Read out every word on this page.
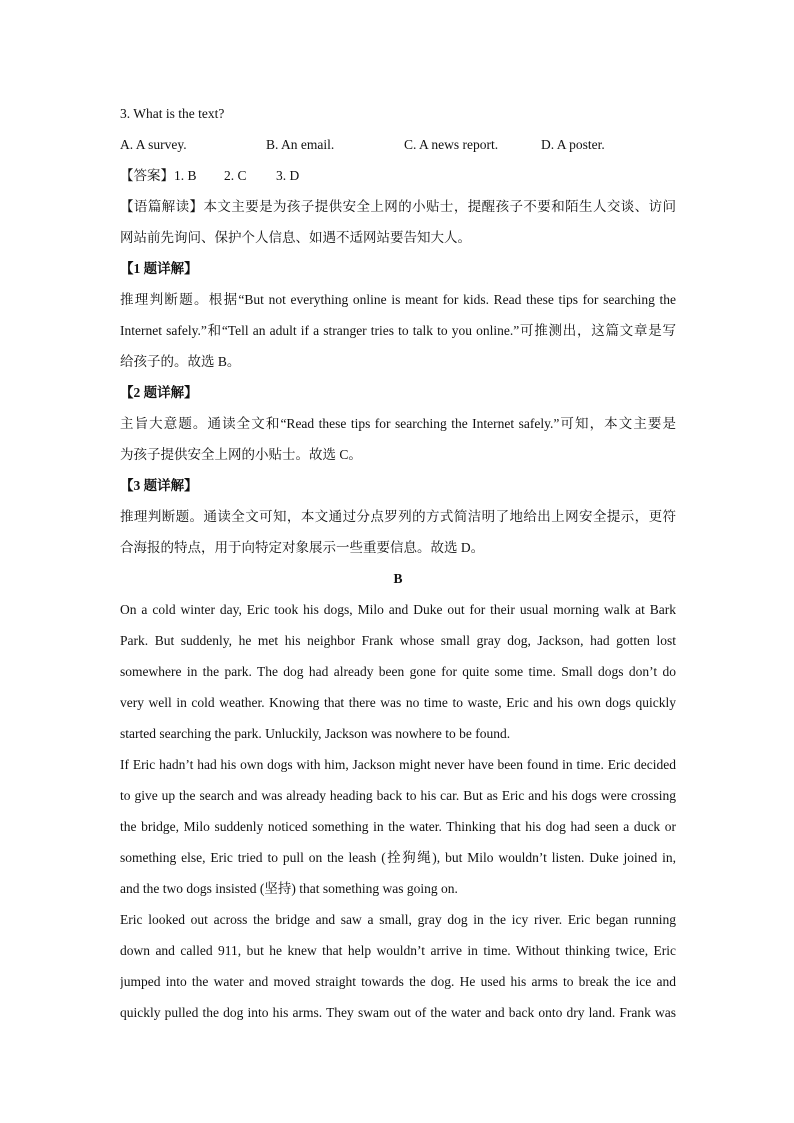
3. What is the text?
A. A survey.	B. An email.	C. A news report.	D. A poster.
【答案】1. B 2. C 3. D
【语篇解读】本文主要是为孩子提供安全上网的小贴士，提醒孩子不要和陌生人交谈、访问
网站前先询问、保护个人信息、如遇不适网站要告知大人。
【1 题详解】
推理判断题。根据“But not everything online is meant for kids. Read these tips for searching the
Internet safely.”和“Tell an adult if a stranger tries to talk to you online.”可推测出，这篇文章是写
给孩子的。故选 B。
【2 题详解】
主旨大意题。通读全文和“Read these tips for searching the Internet safely.”可知，本文主要是
为孩子提供安全上网的小贴士。故选 C。
【3 题详解】
推理判断题。通读全文可知，本文通过分点罗列的方式简洁明了地给出上网安全提示，更符
合海报的特点，用于向特定对象展示一些重要信息。故选 D。
B
On a cold winter day, Eric took his dogs, Milo and Duke out for their usual morning walk at Bark
Park. But suddenly, he met his neighbor Frank whose small gray dog, Jackson, had gotten lost
somewhere in the park. The dog had already been gone for quite some time. Small dogs don’t do
very well in cold weather. Knowing that there was no time to waste, Eric and his own dogs quickly
started searching the park. Unluckily, Jackson was nowhere to be found.
If Eric hadn’t had his own dogs with him, Jackson might never have been found in time. Eric decided
to give up the search and was already heading back to his car. But as Eric and his dogs were crossing
the bridge, Milo suddenly noticed something in the water. Thinking that his dog had seen a duck or
something else, Eric tried to pull on the leash (拴狗绳), but Milo wouldn’t listen. Duke joined in,
and the two dogs insisted (坚持) that something was going on.
Eric looked out across the bridge and saw a small, gray dog in the icy river. Eric began running
down and called 911, but he knew that help wouldn’t arrive in time. Without thinking twice, Eric
jumped into the water and moved straight towards the dog. He used his arms to break the ice and
quickly pulled the dog into his arms. They swam out of the water and back onto dry land. Frank was
